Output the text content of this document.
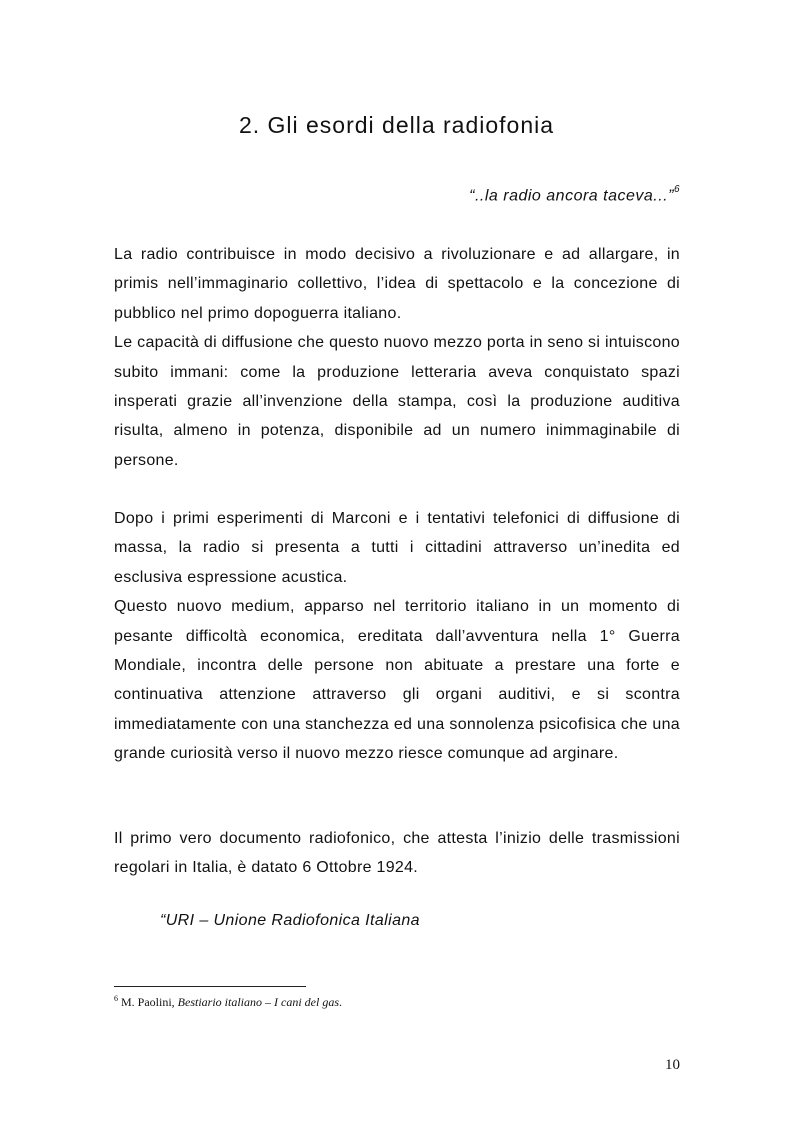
2. Gli esordi della radiofonia
“..la radio ancora taceva...”$^6$

La radio contribuisce in modo decisivo a rivoluzionare e ad allargare, in primis nell’immaginario collettivo, l’idea di spettacolo e la concezione di pubblico nel primo dopoguerra italiano.

Le capacità di diffusione che questo nuovo mezzo porta in seno si intuiscono subito immani: come la produzione letteraria aveva conquistato spazi insperati grazie all’invenzione della stampa, così la produzione auditiva risulta, almeno in potenza, disponibile ad un numero inimmaginabile di persone.

Dopo i primi esperimenti di Marconi e i tentativi telefonici di diffusione di massa, la radio si presenta a tutti i cittadini attraverso un’inedita ed esclusiva espressione acustica.

Questo nuovo medium, apparso nel territorio italiano in un momento di pesante difficoltà economica, ereditata dall’avventura nella 1° Guerra Mondiale, incontra delle persone non abituate a prestare una forte e continuativa attenzione attraverso gli organi auditivi, e si scontra immediatamente con una stanchezza ed una sonnolenza psicofisica che una grande curiosità verso il nuovo mezzo riesce comunque ad arginare.

Il primo vero documento radiofonico, che attesta l’inizio delle trasmissioni regolari in Italia, è datato 6 Ottobre 1924.

“URI – Unione Radiofonica Italiana
$^6$ M. Paolini, Bestiario italiano – I cani del gas.
10
